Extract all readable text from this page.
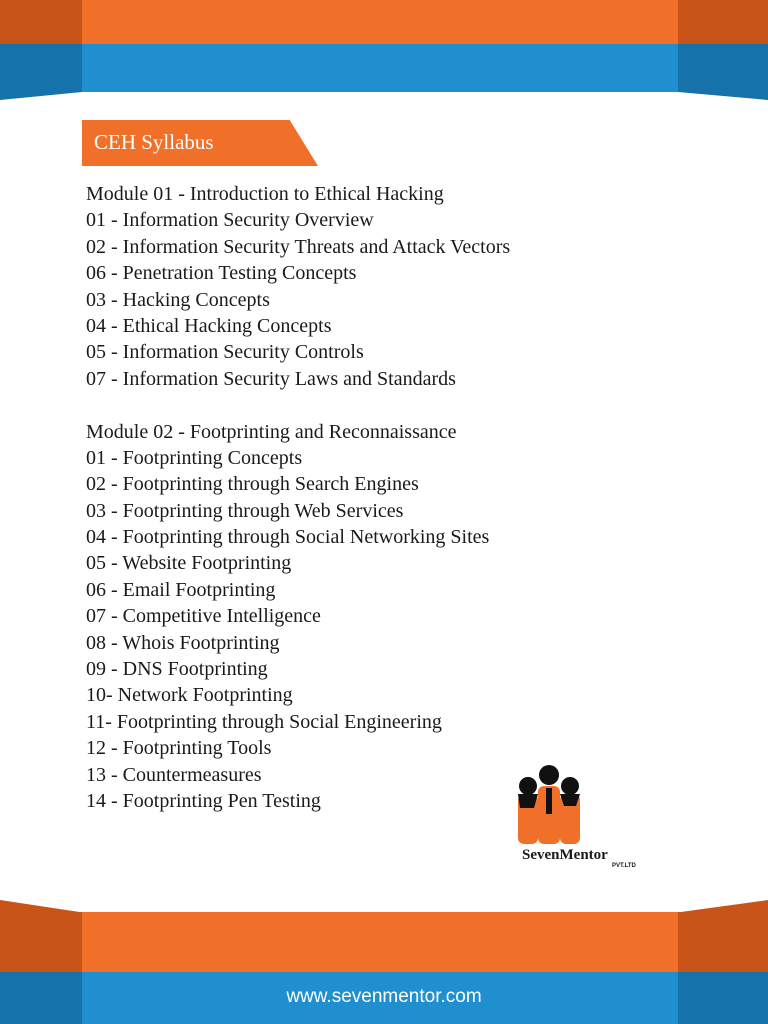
CEH Syllabus
Module 01 - Introduction to Ethical Hacking
01 - Information Security Overview
02 - Information Security Threats and Attack Vectors
06 - Penetration Testing Concepts
03 - Hacking Concepts
04 - Ethical Hacking Concepts
05 - Information Security Controls
07 - Information Security Laws and Standards
Module 02 - Footprinting and Reconnaissance
01 - Footprinting Concepts
02 - Footprinting through Search Engines
03 - Footprinting through Web Services
04 - Footprinting through Social Networking Sites
05 - Website Footprinting
06 - Email Footprinting
07 - Competitive Intelligence
08 - Whois Footprinting
09 - DNS Footprinting
10- Network Footprinting
11- Footprinting through Social Engineering
12 - Footprinting Tools
13 - Countermeasures
14 - Footprinting Pen Testing
SevenMentor
PVT.LTD
www.sevenmentor.com
